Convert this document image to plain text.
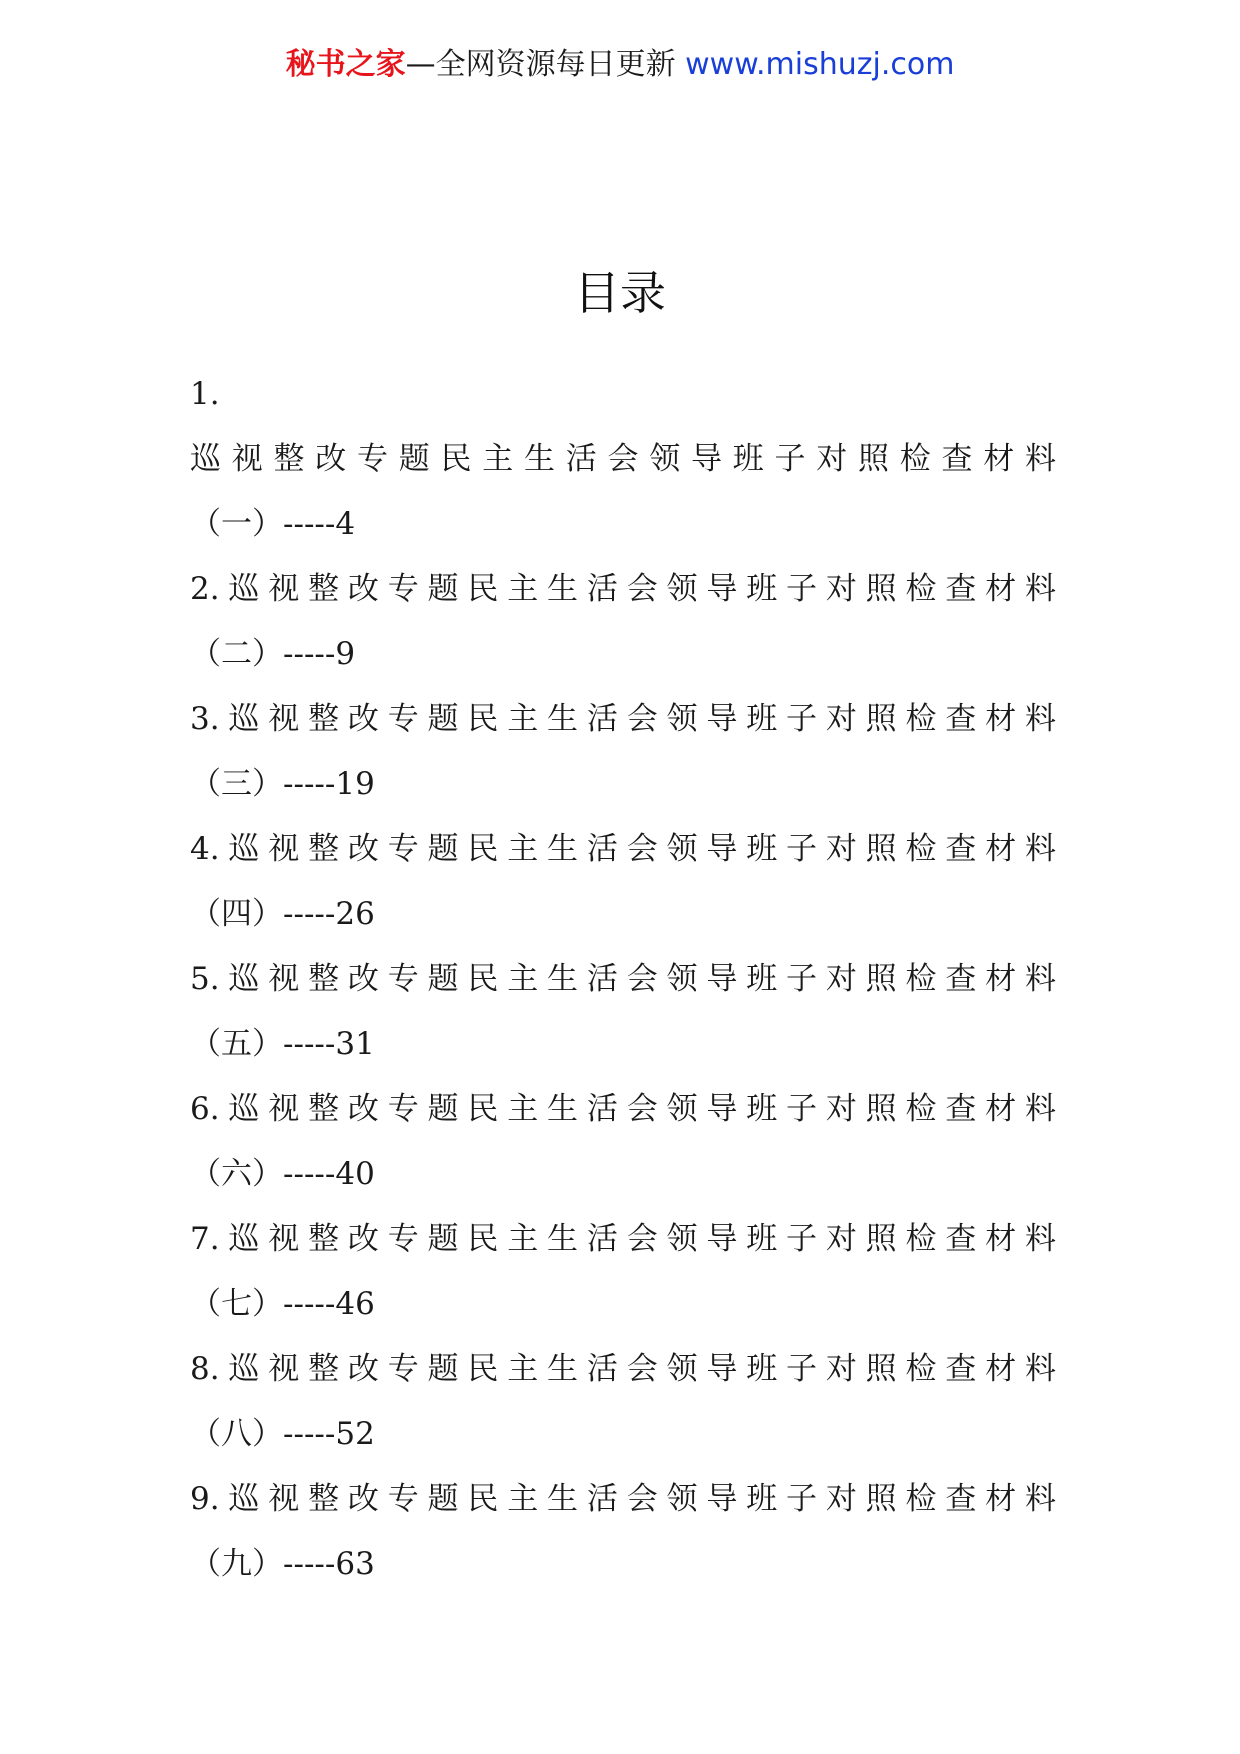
秘书之家—全网资源每日更新 www.mishuzj.com
目录
1.
巡视整改专题民主生活会领导班子对照检查材料
（一）-----4
2.巡视整改专题民主生活会领导班子对照检查材料
（二）-----9
3.巡视整改专题民主生活会领导班子对照检查材料
（三）-----19
4.巡视整改专题民主生活会领导班子对照检查材料
（四）-----26
5.巡视整改专题民主生活会领导班子对照检查材料
（五）-----31
6.巡视整改专题民主生活会领导班子对照检查材料
（六）-----40
7.巡视整改专题民主生活会领导班子对照检查材料
（七）-----46
8.巡视整改专题民主生活会领导班子对照检查材料
（八）-----52
9.巡视整改专题民主生活会领导班子对照检查材料
（九）-----63
